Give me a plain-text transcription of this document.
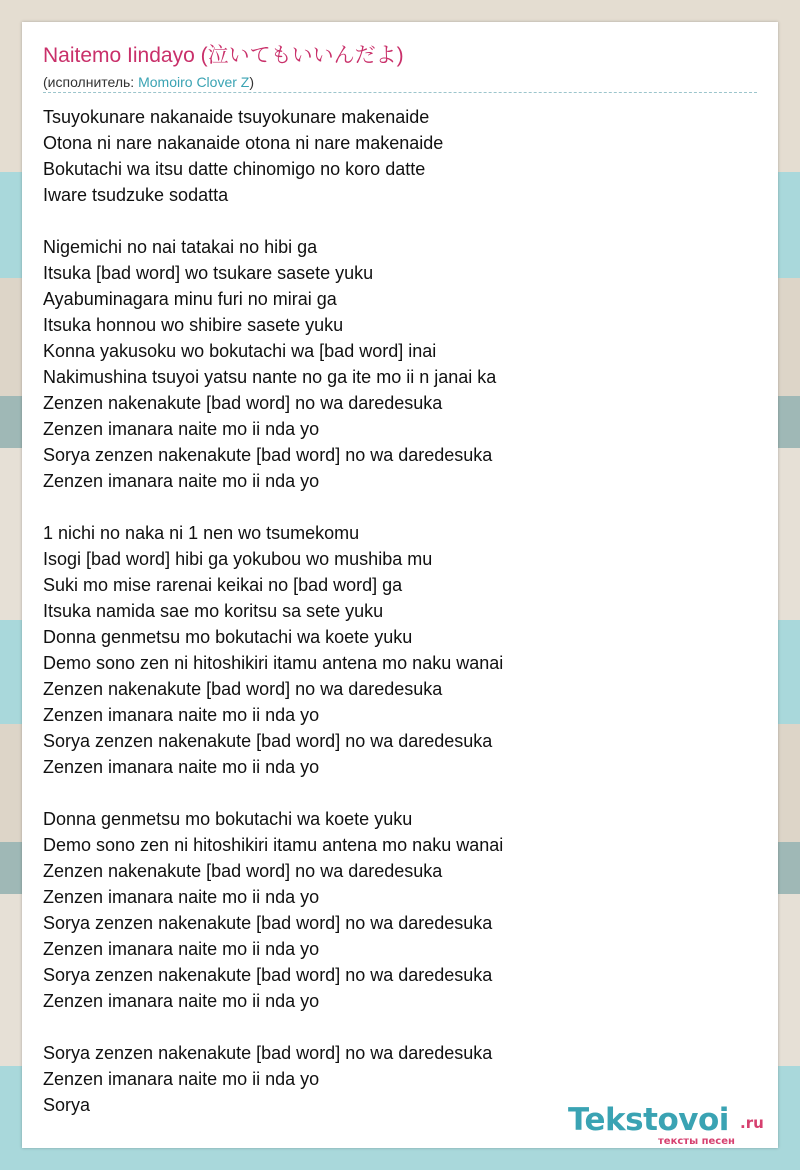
Naitemo Iindayo (泣いてもいいんだよ)
(исполнитель: Momoiro Clover Z)
Tsuyokunare nakanaide tsuyokunare makenaide
Otona ni nare nakanaide otona ni nare makenaide
Bokutachi wa itsu datte chinomigo no koro datte
Iware tsudzuke sodatta
Nigemichi no nai tatakai no hibi ga
Itsuka [bad word] wo tsukare sasete yuku
Ayabuminagara minu furi no mirai ga
Itsuka honnou wo shibire sasete yuku
Konna yakusoku wo bokutachi wa [bad word] inai
Nakimushina tsuyoi yatsu nante no ga ite mo ii n janai ka
Zenzen nakenakute [bad word] no wa daredesuka
Zenzen imanara naite mo ii nda yo
Sorya zenzen nakenakute [bad word] no wa daredesuka
Zenzen imanara naite mo ii nda yo
1 nichi no naka ni 1 nen wo tsumekomu
Isogi [bad word] hibi ga yokubou wo mushiba mu
Suki mo mise rarenai keikai no [bad word] ga
Itsuka namida sae mo koritsu sa sete yuku
Donna genmetsu mo bokutachi wa koete yuku
Demo sono zen ni hitoshikiri itamu antena mo naku wanai
Zenzen nakenakute [bad word] no wa daredesuka
Zenzen imanara naite mo ii nda yo
Sorya zenzen nakenakute [bad word] no wa daredesuka
Zenzen imanara naite mo ii nda yo
Donna genmetsu mo bokutachi wa koete yuku
Demo sono zen ni hitoshikiri itamu antena mo naku wanai
Zenzen nakenakute [bad word] no wa daredesuka
Zenzen imanara naite mo ii nda yo
Sorya zenzen nakenakute [bad word] no wa daredesuka
Zenzen imanara naite mo ii nda yo
Sorya zenzen nakenakute [bad word] no wa daredesuka
Zenzen imanara naite mo ii nda yo
Sorya zenzen nakenakute [bad word] no wa daredesuka
Zenzen imanara naite mo ii nda yo
Sorya	Tekstovoi .ru
тексты песен
